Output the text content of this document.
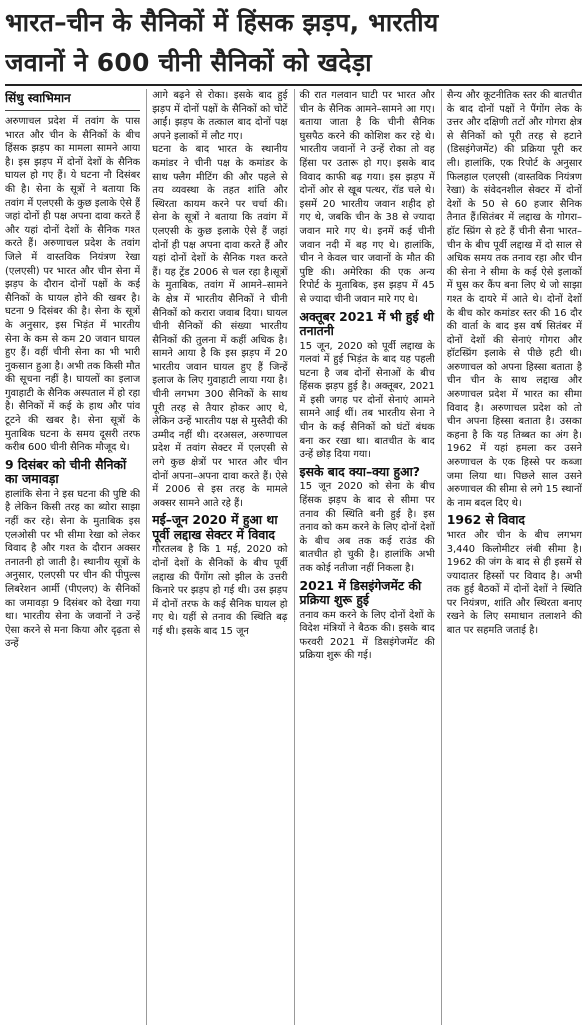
भारत–चीन के सैनिकों में हिंसक झड़प, भारतीय
जवानों ने 600 चीनी सैनिकों को खदेड़ा
सिंधु स्वाभिमान

अरुणाचल प्रदेश में तवांग के पास भारत और चीन के सैनिकों के बीच हिंसक झड़प का मामला सामने आया है। इस झड़प में दोनों देशों के सैनिक घायल हो गए हैं। ये घटना नौ दिसंबर की है। सेना के सूत्रों ने बताया कि तवांग में एलएसी के कुछ इलाके ऐसे हैं जहां दोनों ही पक्ष अपना दावा करते हैं और यहां दोनों देशों के सैनिक गश्त करते हैं। अरुणाचल प्रदेश के तवांग जिले में वास्तविक नियंत्रण रेखा (एलएसी) पर भारत और चीन सेना में झड़प के दौरान दोनों पक्षों के कई सैनिकों के घायल होने की खबर है। घटना 9 दिसंबर की है। सेना के सूत्रों के अनुसार, इस भिड़ंत में भारतीय सेना के कम से कम 20 जवान घायल हुए हैं। वहीं चीनी सेना का भी भारी नुकसान हुआ है। अभी तक किसी मौत की सूचना नहीं है। घायलों का इलाज गुवाहाटी के सैनिक अस्पताल में हो रहा है। सैनिकों में कई के हाथ और पांव टूटने की खबर है। सेना सूत्रों के मुताबिक घटना के समय दूसरी तरफ करीब 600 चीनी सैनिक मौजूद थे।

9 दिसंबर को चीनी सैनिकों का जमावड़ा

हालांकि सेना ने इस घटना की पुष्टि की है लेकिन किसी तरह का ब्योरा साझा नहीं कर रहे। सेना के मुताबिक इस एलओसी पर भी सीमा रेखा को लेकर विवाद है और गश्त के दौरान अक्सर तनातनी हो जाती है। स्थानीय सूत्रों के अनुसार, एलएसी पर चीन की पीपुल्स लिबरेशन आर्मी (पीएलए) के सैनिकों का जमावड़ा 9 दिसंबर को देखा गया था। भारतीय सेना के जवानों ने उन्हें ऐसा करने से मना किया और दृढ़ता से उन्हें

आगे बढ़ने से रोका। इसके बाद हुई झड़प में दोनों पक्षों के सैनिकों को चोटें आईं। झड़प के तत्काल बाद दोनों पक्ष अपने इलाकों में लौट गए।

घटना के बाद भारत के स्थानीय कमांडर ने चीनी पक्ष के कमांडर के साथ फ्लैग मीटिंग की और पहले से तय व्यवस्था के तहत शांति और स्थिरता कायम करने पर चर्चा की। सेना के सूत्रों ने बताया कि तवांग में एलएसी के कुछ इलाके ऐसे हैं जहां दोनों ही पक्ष अपना दावा करते हैं और यहां दोनों देशों के सैनिक गश्त करते हैं। यह ट्रेंड 2006 से चल रहा है।सूत्रों के मुताबिक, तवांग में आमने–सामने के क्षेत्र में भारतीय सैनिकों ने चीनी सैनिकों को करारा जवाब दिया। घायल चीनी सैनिकों की संख्या भारतीय सैनिकों की तुलना में कहीं अधिक है। सामने आया है कि इस झड़प में 20 भारतीय जवान घायल हुए हैं जिन्हें इलाज के लिए गुवाहाटी लाया गया है। चीनी लगभग 300 सैनिकों के साथ पूरी तरह से तैयार होकर आए थे, लेकिन उन्हें भारतीय पक्ष से मुस्तैदी की उम्मीद नहीं थी। दरअसल, अरुणाचल प्रदेश में तवांग सेक्टर में एलएसी से लगे कुछ क्षेत्रों पर भारत और चीन दोनों अपना–अपना दावा करते हैं। ऐसे में 2006 से इस तरह के मामले अक्सर सामने आते रहे हैं।

मई–जून 2020 में हुआ था पूर्वी लद्दाख सेक्टर में विवाद

गौरतलब है कि 1 मई, 2020 को दोनों देशों के सैनिकों के बीच पूर्वी लद्दाख की पैंगोंग त्सो झील के उत्तरी किनारे पर झड़प हो गई थी। उस झड़प में दोनों तरफ के कई सैनिक घायल हो गए थे। यहीं से तनाव की स्थिति बढ़ गई थी। इसके बाद 15 जून

की रात गलवान घाटी पर भारत और चीन के सैनिक आमने–सामने आ गए। बताया जाता है कि चीनी सैनिक घुसपैठ करने की कोशिश कर रहे थे। भारतीय जवानों ने उन्हें रोका तो वह हिंसा पर उतारू हो गए। इसके बाद विवाद काफी बढ़ गया। इस झड़प में दोनों ओर से खूब पत्थर, रॉड चले थे। इसमें 20 भारतीय जवान शहीद हो गए थे, जबकि चीन के 38 से ज्यादा जवान मारे गए थे। इनमें कई चीनी जवान नदी में बह गए थे। हालांकि, चीन ने केवल चार जवानों के मौत की पुष्टि की। अमेरिका की एक अन्य रिपोर्ट के मुताबिक, इस झड़प में 45 से ज्यादा चीनी जवान मारे गए थे।

अक्तूबर 2021 में भी हुई थी तनातनी

15 जून, 2020 को पूर्वी लद्दाख के गलवां में हुई भिड़ंत के बाद यह पहली घटना है जब दोनों सेनाओं के बीच हिंसक झड़प हुई है। अक्तूबर, 2021 में इसी जगह पर दोनों सेनाएं आमने सामने आई थीं। तब भारतीय सेना ने चीन के कई सैनिकों को घंटों बंधक बना कर रखा था। बातचीत के बाद उन्हें छोड़ दिया गया।

इसके बाद क्या–क्या हुआ?

15 जून 2020 को सेना के बीच हिंसक झड़प के बाद से सीमा पर तनाव की स्थिति बनी हुई है। इस तनाव को कम करने के लिए दोनों देशों के बीच अब तक कई राउंड की बातचीत हो चुकी है। हालांकि अभी तक कोई नतीजा नहीं निकला है।

2021 में डिसइंगेजमेंट की प्रक्रिया शुरू हुई

तनाव कम करने के लिए दोनों देशों के विदेश मंत्रियों ने बैठक की। इसके बाद फरवरी 2021 में डिसइंगेजमेंट की प्रक्रिया शुरू की गई।

सैन्य और कूटनीतिक स्तर की बातचीत के बाद दोनों पक्षों ने पैंगोंग लेक के उत्तर और दक्षिणी तटों और गोगरा क्षेत्र से सैनिकों को पूरी तरह से हटाने (डिसइंगेजमेंट) की प्रक्रिया पूरी कर ली। हालांकि, एक रिपोर्ट के अनुसार फिलहाल एलएसी (वास्तविक नियंत्रण रेखा) के संवेदनशील सेक्टर में दोनों देशों के 50 से 60 हजार सैनिक तैनात हैं।सितंबर में लद्दाख के गोगरा–हॉट स्प्रिंग से हटे हैं चीनी सैना भारत–चीन के बीच पूर्वी लद्दाख में दो साल से अधिक समय तक तनाव रहा और चीन की सेना ने सीमा के कई ऐसे इलाकों में घुस कर कैंप बना लिए थे जो साझा गश्त के दायरे में आते थे। दोनों देशों के बीच कोर कमांडर स्तर की 16 दौर की वार्ता के बाद इस वर्ष सितंबर में दोनों देशों की सेनाएं गोगरा और हॉटस्प्रिंग इलाके से पीछे हटी थी।अरुणाचल को अपना हिस्सा बताता है चीन चीन के साथ लद्दाख और अरुणाचल प्रदेश में भारत का सीमा विवाद है। अरुणाचल प्रदेश को तो चीन अपना हिस्सा बताता है। उसका कहना है कि यह तिब्बत का अंग है। 1962 में यहां हमला कर उसने अरुणाचल के एक हिस्से पर कब्जा जमा लिया था। पिछले साल उसने अरुणाचल की सीमा से लगे 15 स्थानों के नाम बदल दिए थे।

1962 से विवाद

भारत और चीन के बीच लगभग 3,440 किलोमीटर लंबी सीमा है। 1962 की जंग के बाद से ही इसमें से ज्यादातर हिस्सों पर विवाद है। अभी तक हुई बैठकों में दोनों देशों ने स्थिति पर नियंत्रण, शांति और स्थिरता बनाए रखने के लिए समाधान तलाशने की बात पर सहमति जताई है।
